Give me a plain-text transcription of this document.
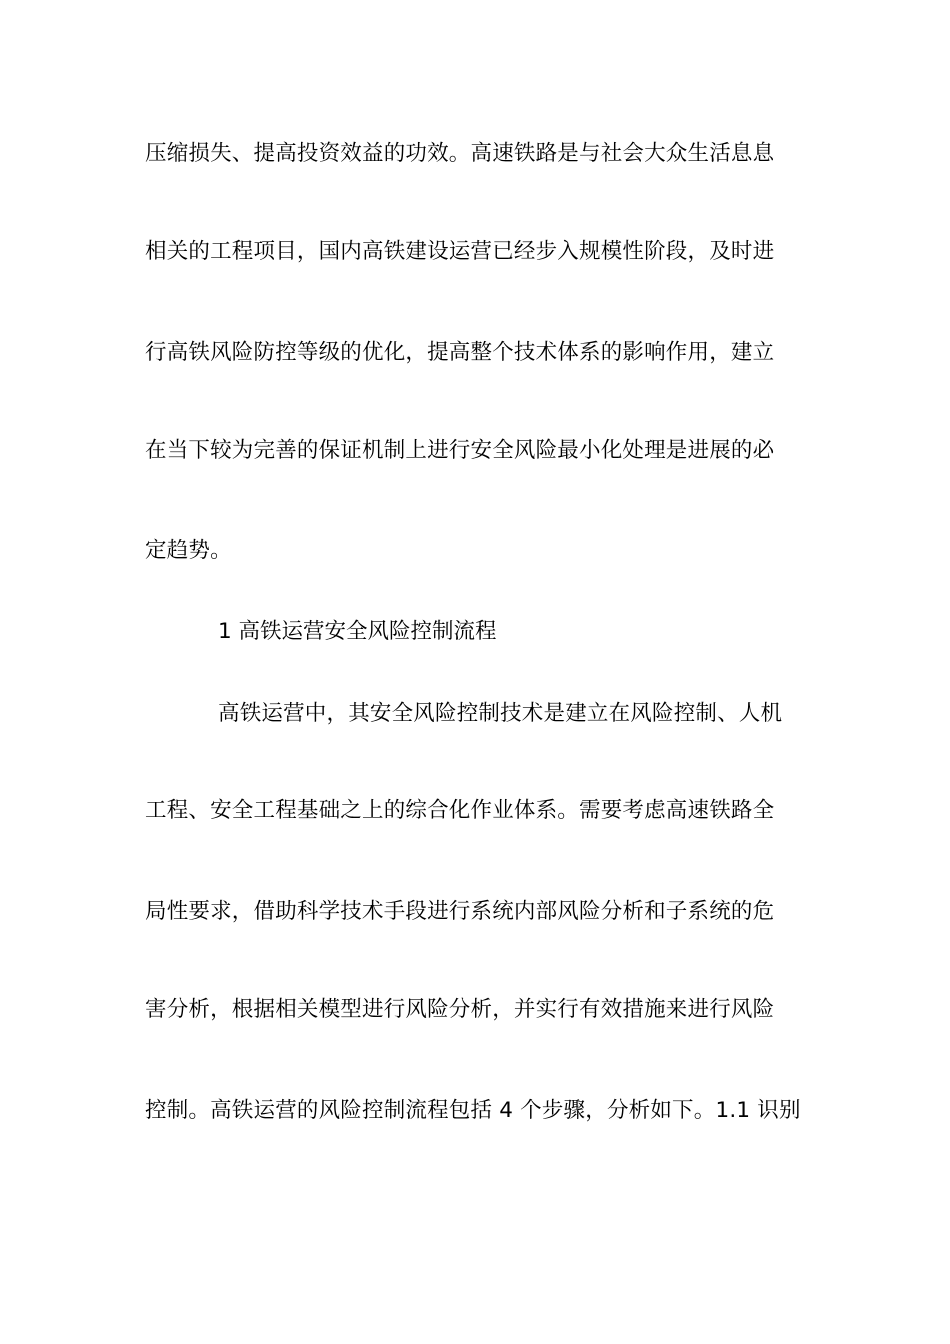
压缩损失、提高投资效益的功效。高速铁路是与社会大众生活息息
相关的工程项目，国内高铁建设运营已经步入规模性阶段，及时进
行高铁风险防控等级的优化，提高整个技术体系的影响作用，建立
在当下较为完善的保证机制上进行安全风险最小化处理是进展的必
定趋势。
1 高铁运营安全风险控制流程
高铁运营中，其安全风险控制技术是建立在风险控制、人机
工程、安全工程基础之上的综合化作业体系。需要考虑高速铁路全
局性要求，借助科学技术手段进行系统内部风险分析和子系统的危
害分析，根据相关模型进行风险分析，并实行有效措施来进行风险
控制。高铁运营的风险控制流程包括 4 个步骤，分析如下。1.1 识别
